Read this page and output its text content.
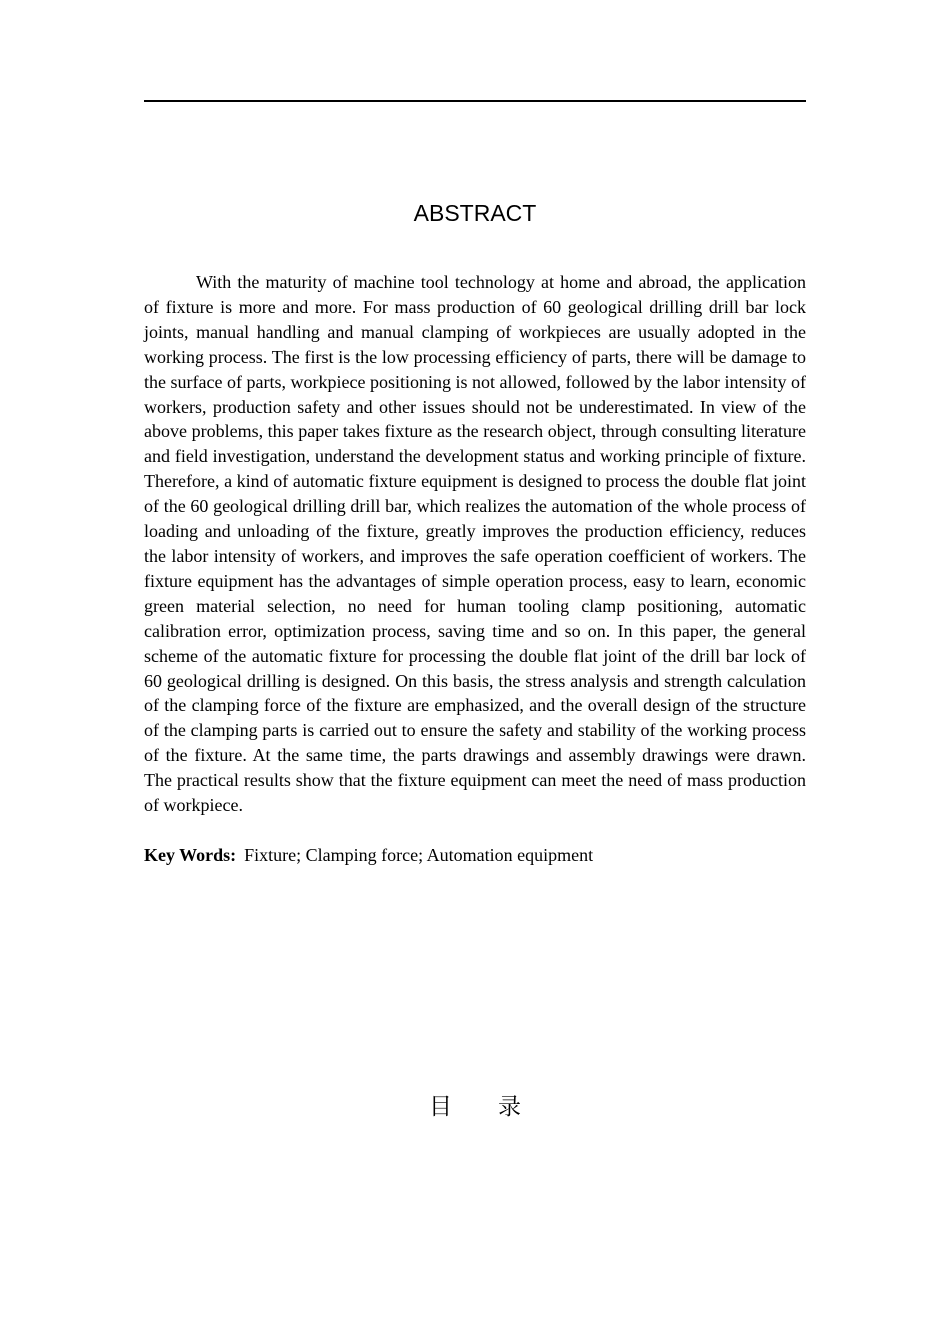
ABSTRACT

With the maturity of machine tool technology at home and abroad, the application of fixture is more and more. For mass production of 60 geological drilling drill bar lock joints, manual handling and manual clamping of workpieces are usually adopted in the working process. The first is the low processing efficiency of parts, there will be damage to the surface of parts, workpiece positioning is not allowed, followed by the labor intensity of workers, production safety and other issues should not be underestimated. In view of the above problems, this paper takes fixture as the research object, through consulting literature and field investigation, understand the development status and working principle of fixture. Therefore, a kind of automatic fixture equipment is designed to process the double flat joint of the 60 geological drilling drill bar, which realizes the automation of the whole process of loading and unloading of the fixture, greatly improves the production efficiency, reduces the labor intensity of workers, and improves the safe operation coefficient of workers. The fixture equipment has the advantages of simple operation process, easy to learn, economic green material selection, no need for human tooling clamp positioning, automatic calibration error, optimization process, saving time and so on. In this paper, the general scheme of the automatic fixture for processing the double flat joint of the drill bar lock of 60 geological drilling is designed. On this basis, the stress analysis and strength calculation of the clamping force of the fixture are emphasized, and the overall design of the structure of the clamping parts is carried out to ensure the safety and stability of the working process of the fixture. At the same time, the parts drawings and assembly drawings were drawn. The practical results show that the fixture equipment can meet the need of mass production of workpiece.

Key Words: Fixture; Clamping force; Automation equipment

目录
